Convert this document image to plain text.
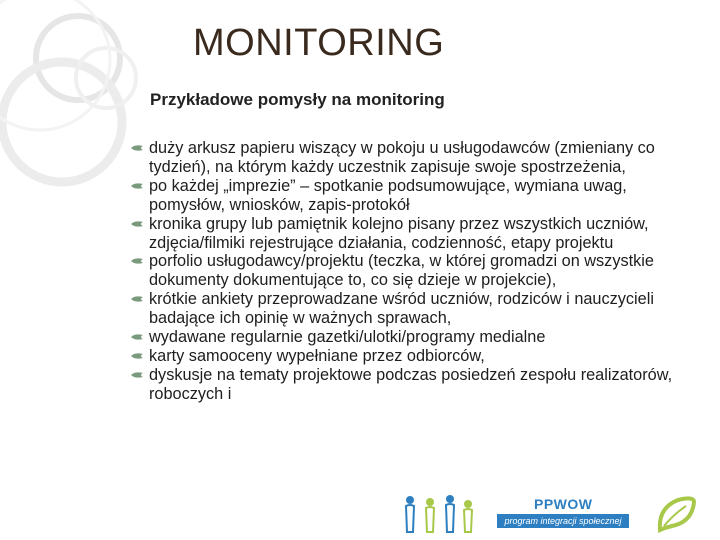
MONITORING
Przykładowe pomysły na monitoring
duży arkusz papieru wiszący w pokoju u usługodawców (zmieniany co tydzień), na którym każdy uczestnik zapisuje swoje spostrzeżenia,
po każdej „imprezie” – spotkanie podsumowujące, wymiana uwag, pomysłów, wniosków, zapis-protokół
kronika grupy lub pamiętnik kolejno pisany przez wszystkich uczniów, zdjęcia/filmiki rejestrujące działania, codzienność, etapy projektu
porfolio usługodawcy/projektu (teczka, w której gromadzi on wszystkie dokumenty dokumentujące to, co się dzieje w projekcie),
krótkie ankiety przeprowadzane wśród uczniów, rodziców i nauczycieli badające ich opinię w ważnych sprawach,
wydawane regularnie gazetki/ulotki/programy medialne
karty samooceny wypełniane przez odbiorców,
dyskusje na tematy projektowe podczas posiedzeń zespołu realizatorów, roboczych i
PPWOW
program integracji społecznej
